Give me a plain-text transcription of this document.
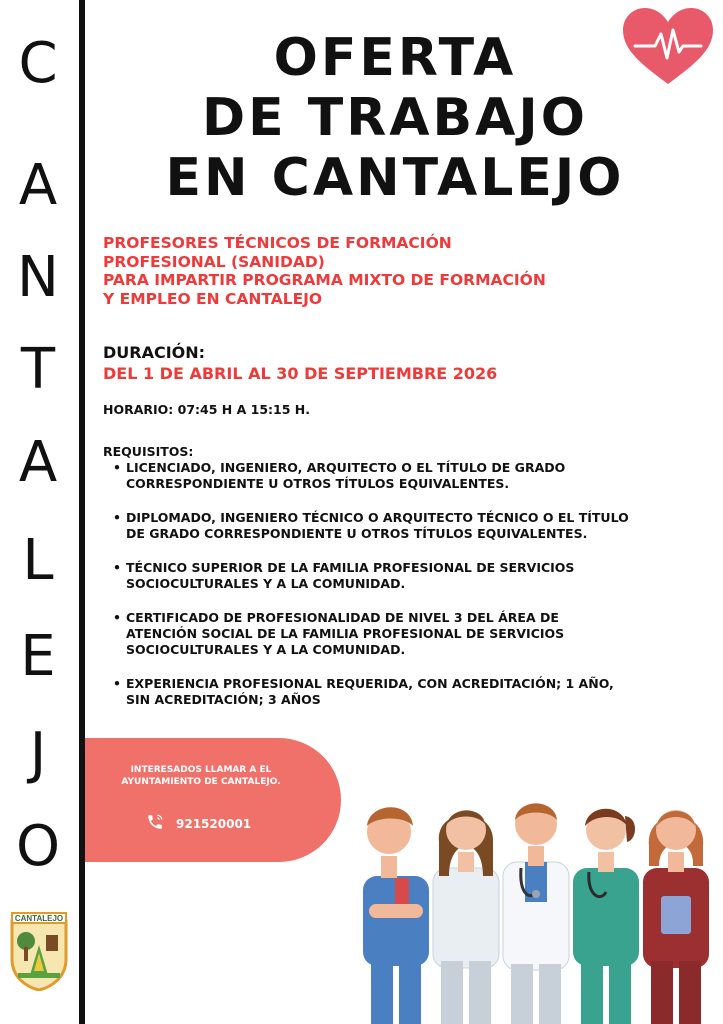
C
A
N
T
A
L
E
J
O
OFERTA
DE TRABAJO
EN CANTALEJO
PROFESORES TÉCNICOS DE FORMACIÓN
PROFESIONAL (SANIDAD)
PARA IMPARTIR PROGRAMA MIXTO DE FORMACIÓN
Y EMPLEO EN CANTALEJO
DURACIÓN:
DEL 1 DE ABRIL AL 30 DE SEPTIEMBRE 2026
HORARIO: 07:45 H A 15:15 H.
REQUISITOS:
• LICENCIADO, INGENIERO, ARQUITECTO O EL TÍTULO DE GRADO CORRESPONDIENTE U OTROS TÍTULOS EQUIVALENTES.
• DIPLOMADO, INGENIERO TÉCNICO O ARQUITECTO TÉCNICO O EL TÍTULO DE GRADO CORRESPONDIENTE U OTROS TÍTULOS EQUIVALENTES.
• TÉCNICO SUPERIOR DE LA FAMILIA PROFESIONAL DE SERVICIOS SOCIOCULTURALES Y A LA COMUNIDAD.
• CERTIFICADO DE PROFESIONALIDAD DE NIVEL 3 DEL ÁREA DE ATENCIÓN SOCIAL DE LA FAMILIA PROFESIONAL DE SERVICIOS SOCIOCULTURALES Y A LA COMUNIDAD.
• EXPERIENCIA PROFESIONAL REQUERIDA, CON ACREDITACIÓN; 1 AÑO, SIN ACREDITACIÓN; 3 AÑOS
INTERESADOS LLAMAR A EL
AYUNTAMIENTO DE CANTALEJO.
921520001
CANTALEJO
